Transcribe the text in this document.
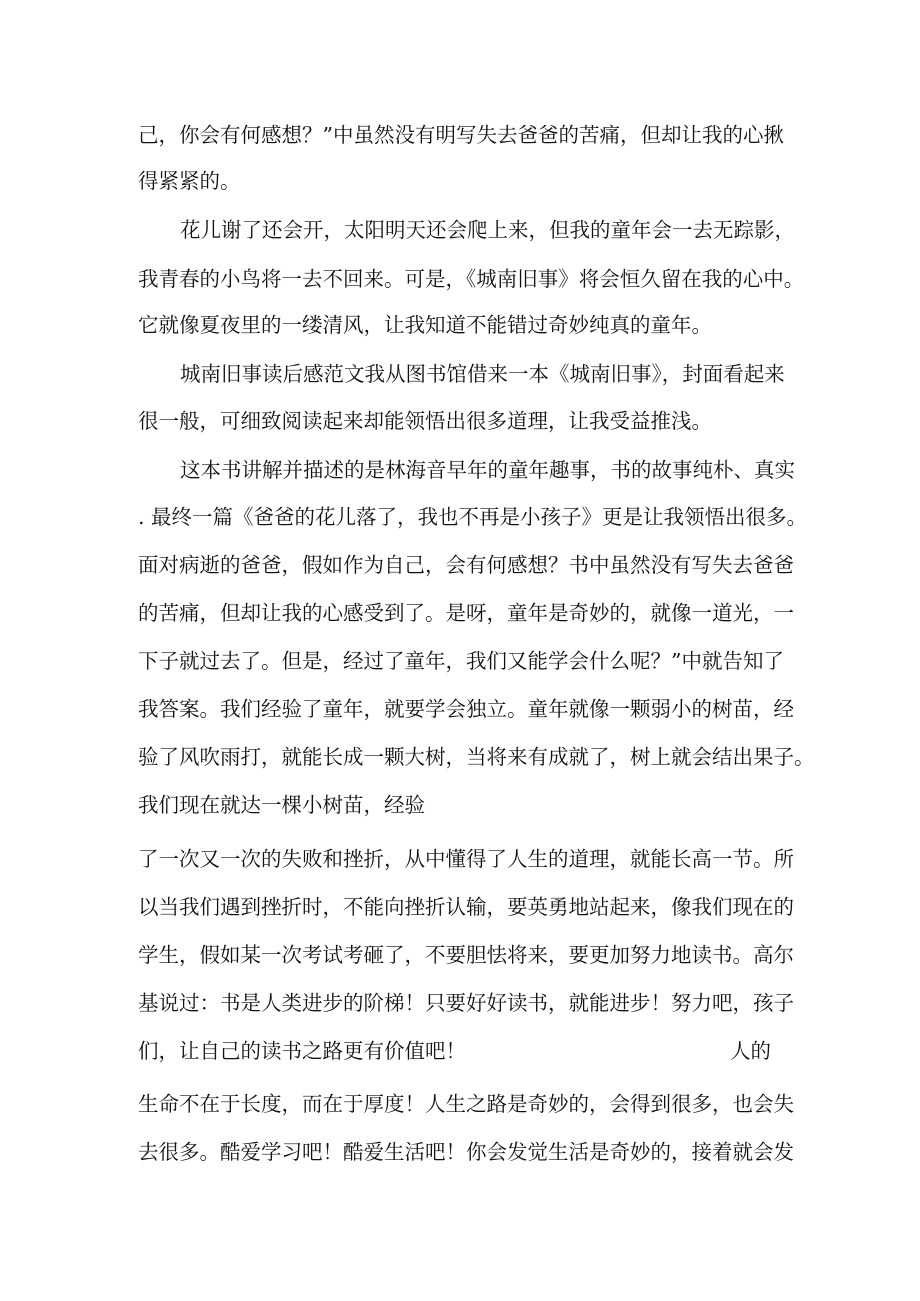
己，你会有何感想？”中虽然没有明写失去爸爸的苦痛，但却让我的心揪
得紧紧的。
花儿谢了还会开，太阳明天还会爬上来，但我的童年会一去无踪影，
我青春的小鸟将一去不回来。可是，《城南旧事》将会恒久留在我的心中。
它就像夏夜里的一缕清风，让我知道不能错过奇妙纯真的童年。
城南旧事读后感范文我从图书馆借来一本《城南旧事》，封面看起来
很一般，可细致阅读起来却能领悟出很多道理，让我受益推浅。
这本书讲解并描述的是林海音早年的童年趣事，书的故事纯朴、真实
. 最终一篇《爸爸的花儿落了，我也不再是小孩子》更是让我领悟出很多。
面对病逝的爸爸，假如作为自己，会有何感想？书中虽然没有写失去爸爸
的苦痛，但却让我的心感受到了。是呀，童年是奇妙的，就像一道光，一
下子就过去了。但是，经过了童年，我们又能学会什么呢？”中就告知了
我答案。我们经验了童年，就要学会独立。童年就像一颗弱小的树苗，经
验了风吹雨打，就能长成一颗大树，当将来有成就了，树上就会结出果子。
我们现在就达一棵小树苗，经验
了一次又一次的失败和挫折，从中懂得了人生的道理，就能长高一节。所
以当我们遇到挫折时，不能向挫折认输，要英勇地站起来，像我们现在的
学生，假如某一次考试考砸了，不要胆怯将来，要更加努力地读书。高尔
基说过：书是人类进步的阶梯！只要好好读书，就能进步！努力吧，孩子
们，让自己的读书之路更有价值吧！	人的
生命不在于长度，而在于厚度！人生之路是奇妙的，会得到很多，也会失
去很多。酷爱学习吧！酷爱生活吧！你会发觉生活是奇妙的，接着就会发
